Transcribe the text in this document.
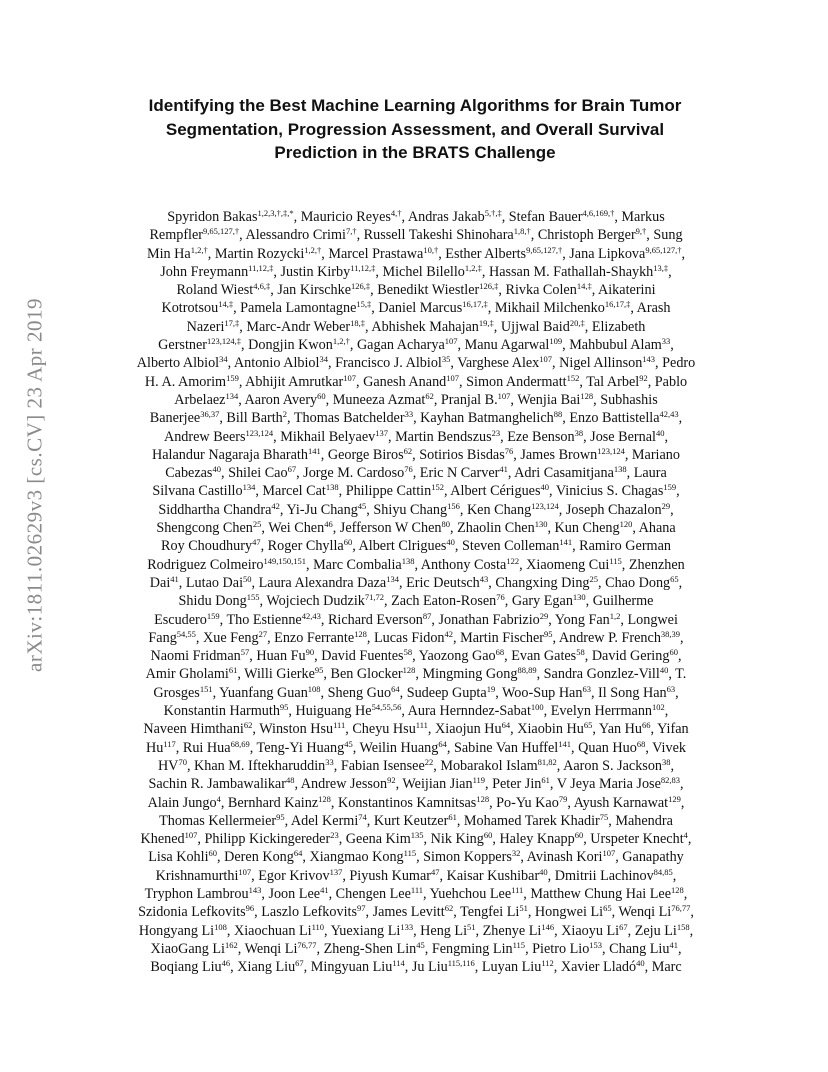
arXiv:1811.02629v3 [cs.CV] 23 Apr 2019
Identifying the Best Machine Learning Algorithms for Brain Tumor
Segmentation, Progression Assessment, and Overall Survival
Prediction in the BRATS Challenge
Spyridon Bakas$^{1,2,3,\dagger,\ddagger,*}$, Mauricio Reyes$^{4,\dagger}$, Andras Jakab$^{5,\dagger,\ddagger}$, Stefan Bauer$^{4,6,169,\dagger}$, Markus
Rempfler$^{9,65,127,\dagger}$, Alessandro Crimi$^{7,\dagger}$, Russell Takeshi Shinohara$^{1,8,\dagger}$, Christoph Berger$^{9,\dagger}$, Sung
Min $Ha^{1,2,\dagger}$, Martin Rozycki$^{1,2,\dagger}$, Marcel Prastawa$^{10,\dagger}$, Esther Alberts$^{9,65,127,\dagger}$, Jana Lipkova$^{9,65,127,\dagger}$,
John Freymann$^{11,12,\ddagger}$, Justin Kirby$^{11,12,\ddagger}$, Michel Bilello$^{1,2,\ddagger}$, Hassan M. Fathallah-Shaykh$^{13,\ddagger}$,
Roland Wiest$^{4,6,\ddagger}$, Jan Kirschke$^{126,\ddagger}$, Benedikt Wiestler$^{126,\ddagger}$, Rivka Colen$^{14,\ddagger}$, Aikaterini
Kotrotsou$^{14,\ddagger}$, Pamela Lamontagne$^{15,\ddagger}$, Daniel Marcus$^{16,17,\ddagger}$, Mikhail Milchenko$^{16,17,\ddagger}$, Arash
Nazeri$^{17,\ddagger}$, Marc-Andr Weber$^{18,\ddagger}$, Abhishek Mahajan$^{19,\ddagger}$, Ujjwal Baid$^{20,\ddagger}$, Elizabeth
Gerstner$^{123,124,\ddagger}$, Dongjin Kwon$^{1,2,\dagger}$, Gagan Acharya$^{107}$, Manu Agarwal$^{109}$, Mahbubul Alam$^{33}$,
Alberto Albiol$^{34}$, Antonio Albiol$^{34}$, Francisco J. Albiol$^{35}$, Varghese Alex$^{107}$, Nigel Allinson$^{143}$, Pedro
H. A. Amorim$^{159}$, Abhijit Amrutkar$^{107}$, Ganesh Anand$^{107}$, Simon Andermatt$^{152}$, Tal Arbel$^{92}$, Pablo
Arbelaez$^{134}$, Aaron Avery$^{60}$, Muneeza Azmat$^{62}$, Pranjal B.$^{107}$, Wenjia Bai$^{128}$, Subhashis
Banerjee$^{36,37}$, Bill Barth$^2$, Thomas Batchelder$^{33}$, Kayhan Batmanghelich$^{88}$, Enzo Battistella$^{42,43}$,
Andrew Beers$^{123,124}$, Mikhail Belyaev$^{137}$, Martin Bendszus$^{23}$, Eze Benson$^{38}$, Jose Bernal$^{40}$,
Halandur Nagaraja Bharath$^{141}$, George Biros$^{62}$, Sotirios Bisdas$^{76}$, James Brown$^{123,124}$, Mariano
Cabezas$^{40}$, Shilei Cao$^{67}$, Jorge M. Cardoso$^{76}$, Eric N Carver$^{41}$, Adri Casamitjana$^{138}$, Laura
Silvana Castillo$^{134}$, Marcel Cat$^{138}$, Philippe Cattin$^{152}$, Albert Cérigues$^{40}$, Vinicius S. Chagas$^{159}$,
Siddhartha Chandra$^{42}$, Yi-Ju Chang$^{45}$, Shiyu Chang$^{156}$, Ken Chang$^{123,124}$, Joseph Chazalon$^{29}$,
Shengcong Chen$^{25}$, Wei Chen$^{46}$, Jefferson W Chen$^{80}$, Zhaolin Chen$^{130}$, Kun Cheng$^{120}$, Ahana
Roy Choudhury$^{47}$, Roger Chylla$^{60}$, Albert Clrigues$^{40}$, Steven Colleman$^{141}$, Ramiro German
Rodriguez Colmeiro$^{149,150,151}$, Marc Combalia$^{138}$, Anthony Costa$^{122}$, Xiaomeng Cui$^{115}$, Zhenzhen
Dai$^{41}$, Lutao Dai$^{50}$, Laura Alexandra Daza$^{134}$, Eric Deutsch$^{43}$, Changxing Ding$^{25}$, Chao Dong$^{65}$,
Shidu Dong$^{155}$, Wojciech Dudzik$^{71,72}$, Zach Eaton-Rosen$^{76}$, Gary Egan$^{130}$, Guilherme
Escudero$^{159}$, Tho Estienne$^{42,43}$, Richard Everson$^{87}$, Jonathan Fabrizio$^{29}$, Yong Fan$^{1,2}$, Longwei
Fang$^{54,55}$, Xue Feng$^{27}$, Enzo Ferrante$^{128}$, Lucas Fidon$^{42}$, Martin Fischer$^{95}$, Andrew P. French$^{38,39}$,
Naomi Fridman$^{57}$, Huan Fu$^{90}$, David Fuentes$^{58}$, Yaozong Gao$^{68}$, Evan Gates$^{58}$, David Gering$^{60}$,
Amir Gholami$^{61}$, Willi Gierke$^{95}$, Ben Glocker$^{128}$, Mingming Gong$^{88,89}$, Sandra Gonzlez-Vill$^{40}$, T.
Grosges$^{151}$, Yuanfang Guan$^{108}$, Sheng Guo$^{64}$, Sudeep Gupta$^{19}$, Woo-Sup Han$^{63}$, Il Song Han$^{63}$,
Konstantin Harmuth$^{95}$, Huiguang He$^{54,55,56}$, Aura Hernndez-Sabat$^{100}$, Evelyn Herrmann$^{102}$,
Naveen Himthani$^{62}$, Winston Hsu$^{111}$, Cheyu Hsu$^{111}$, Xiaojun Hu$^{64}$, Xiaobin Hu$^{65}$, Yan Hu$^{66}$, Yifan
Hu$^{117}$, Rui Hua$^{68,69}$, Teng-Yi Huang$^{45}$, Weilin Huang$^{64}$, Sabine Van Huffel$^{141}$, Quan Huo$^{68}$, Vivek
HV$^{70}$, Khan M. Iftekharuddin$^{33}$, Fabian Isensee$^{22}$, Mobarakol Islam$^{81,82}$, Aaron S. Jackson$^{38}$,
Sachin R. Jambawalikar$^{48}$, Andrew Jesson$^{92}$, Weijian Jian$^{119}$, Peter Jin$^{61}$, V Jeya Maria Jose$^{82,83}$,
Alain Jungo$^4$, Bernhard Kainz$^{128}$, Konstantinos Kamnitsas$^{128}$, Po-Yu Kao$^{79}$, Ayush Karnawat$^{129}$,
Thomas Kellermeier$^{95}$, Adel Kermi$^{74}$, Kurt Keutzer$^{61}$, Mohamed Tarek Khadir$^{75}$, Mahendra
Khened$^{107}$, Philipp Kickingereder$^{23}$, Geena Kim$^{135}$, Nik King$^{60}$, Haley Knapp$^{60}$, Urspeter Knecht$^4$,
Lisa Kohli$^{60}$, Deren Kong$^{64}$, Xiangmao Kong$^{115}$, Simon Koppers$^{32}$, Avinash Kori$^{107}$, Ganapathy
Krishnamurthi$^{107}$, Egor Krivov$^{137}$, Piyush Kumar$^{47}$, Kaisar Kushibar$^{40}$, Dmitrii Lachinov$^{84,85}$,
Tryphon Lambrou$^{143}$, Joon Lee$^{41}$, Chengen Lee$^{111}$, Yuehchou Lee$^{111}$, Matthew Chung Hai Lee$^{128}$,
Szidonia Lefkovits$^{96}$, Laszlo Lefkovits$^{97}$, James Levitt$^{62}$, Tengfei Li$^{51}$, Hongwei Li$^{65}$, Wenqi Li$^{76,77}$,
Hongyang Li$^{108}$, Xiaochuan Li$^{110}$, Yuexiang Li$^{133}$, Heng Li$^{51}$, Zhenye Li$^{146}$, Xiaoyu Li$^{67}$, Zeju Li$^{158}$,
XiaoGang Li$^{162}$, Wenqi Li$^{76,77}$, Zheng-Shen Lin$^{45}$, Fengming Lin$^{115}$, Pietro Lio$^{153}$, Chang Liu$^{41}$,
Boqiang Liu$^{46}$, Xiang Liu$^{67}$, Mingyuan Liu$^{114}$, Ju Liu$^{115,116}$, Luyan Liu$^{112}$, Xavier Lladó$^{40}$, Marc
